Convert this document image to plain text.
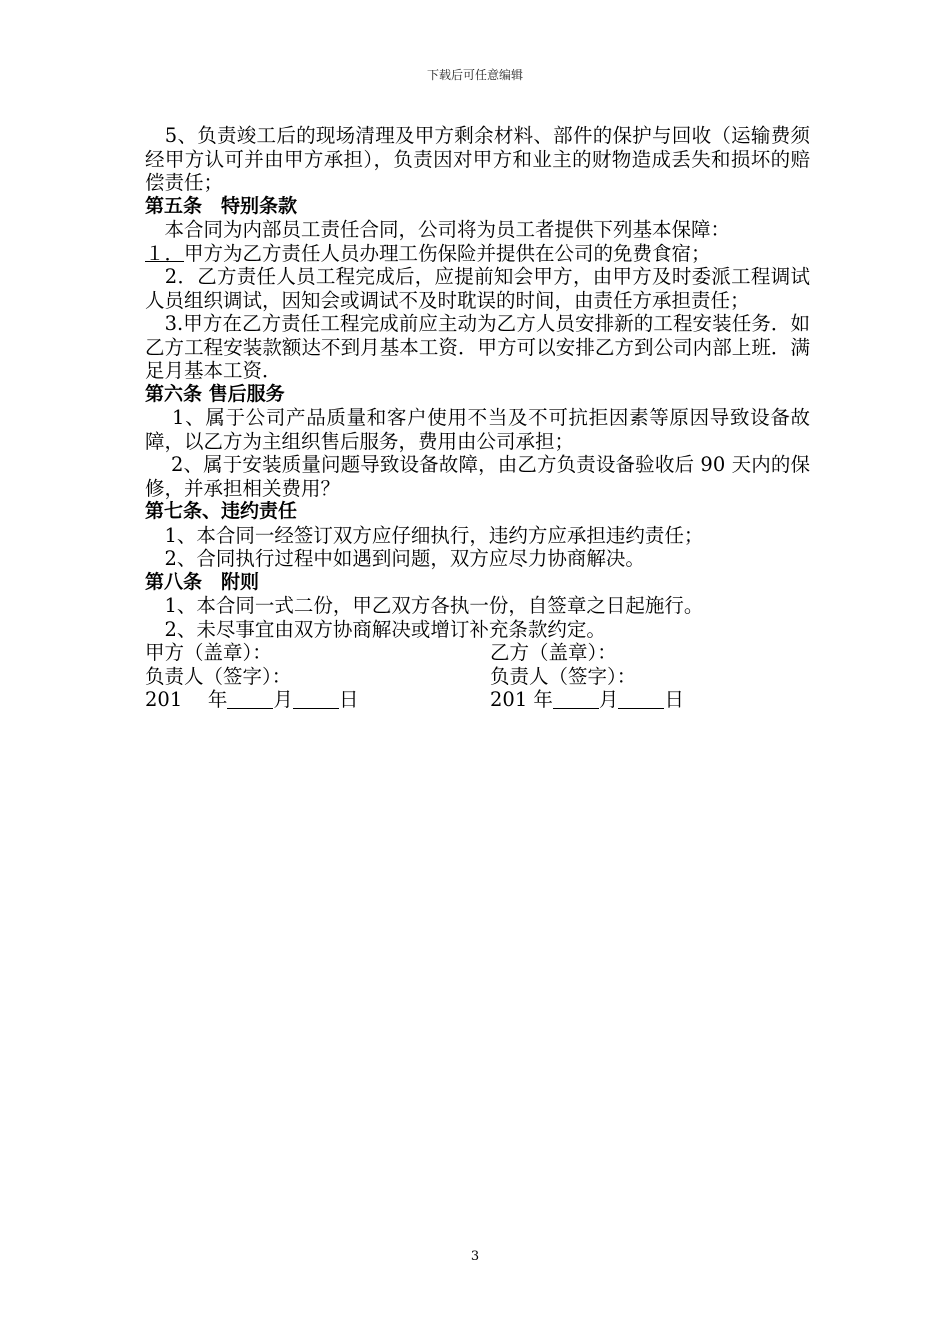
下载后可任意编辑

　5、负责竣工后的现场清理及甲方剩余材料、部件的保护与回收（运输费须经甲方认可并由甲方承担），负责因对甲方和业主的财物造成丢失和损坏的赔偿责任；

第五条　特别条款

　本合同为内部员工责任合同，公司将为员工者提供下列基本保障：

１．甲方为乙方责任人员办理工伤保险并提供在公司的免费食宿；

　2．乙方责任人员工程完成后，应提前知会甲方，由甲方及时委派工程调试人员组织调试，因知会或调试不及时耽误的时间，由责任方承担责任；

　3.甲方在乙方责任工程完成前应主动为乙方人员安排新的工程安装任务．如乙方工程安装款额达不到月基本工资．甲方可以安排乙方到公司内部上班．满足月基本工资．

第六条 售后服务

　 1、属于公司产品质量和客户使用不当及不可抗拒因素等原因导致设备故障，以乙方为主组织售后服务，费用由公司承担；

　 2、属于安装质量问题导致设备故障，由乙方负责设备验收后 90 天内的保修，并承担相关费用？

第七条、违约责任

　1、本合同一经签订双方应仔细执行，违约方应承担违约责任；

　2、合同执行过程中如遇到问题，双方应尽力协商解决。

第八条　附则

　1、本合同一式二份，甲乙双方各执一份，自签章之日起施行。

　2、未尽事宜由双方协商解决或增订补充条款约定。

甲方（盖章）：	乙方（盖章）：
负责人（签字）：	负责人（签字）：
201　 年 月 日	201 年 月 日
3
